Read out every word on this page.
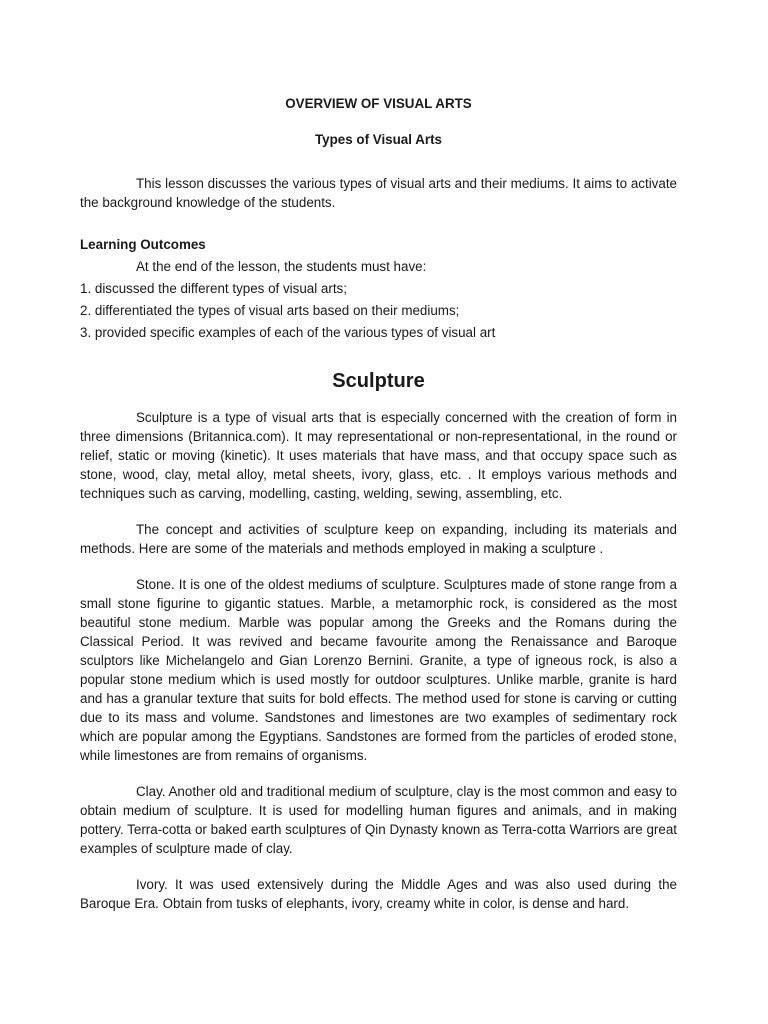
OVERVIEW OF VISUAL ARTS
Types of Visual Arts

This lesson discusses the various types of visual arts and their mediums. It aims to activate the background knowledge of the students.

Learning Outcomes

At the end of the lesson, the students must have:

1. discussed the different types of visual arts;
2. differentiated the types of visual arts based on their mediums;
3. provided specific examples of each of the various types of visual art
Sculpture

Sculpture is a type of visual arts that is especially concerned with the creation of form in three dimensions (Britannica.com). It may representational or non-representational, in the round or relief, static or moving (kinetic). It uses materials that have mass, and that occupy space such as stone, wood, clay, metal alloy, metal sheets, ivory, glass, etc. . It employs various methods and techniques such as carving, modelling, casting, welding, sewing, assembling, etc.

The concept and activities of sculpture keep on expanding, including its materials and methods. Here are some of the materials and methods employed in making a sculpture .

Stone. It is one of the oldest mediums of sculpture. Sculptures made of stone range from a small stone figurine to gigantic statues. Marble, a metamorphic rock, is considered as the most beautiful stone medium. Marble was popular among the Greeks and the Romans during the Classical Period. It was revived and became favourite among the Renaissance and Baroque sculptors like Michelangelo and Gian Lorenzo Bernini. Granite, a type of igneous rock, is also a popular stone medium which is used mostly for outdoor sculptures. Unlike marble, granite is hard and has a granular texture that suits for bold effects. The method used for stone is carving or cutting due to its mass and volume. Sandstones and limestones are two examples of sedimentary rock which are popular among the Egyptians. Sandstones are formed from the particles of eroded stone, while limestones are from remains of organisms.

Clay. Another old and traditional medium of sculpture, clay is the most common and easy to obtain medium of sculpture. It is used for modelling human figures and animals, and in making pottery. Terra-cotta or baked earth sculptures of Qin Dynasty known as Terra-cotta Warriors are great examples of sculpture made of clay.

Ivory. It was used extensively during the Middle Ages and was also used during the Baroque Era. Obtain from tusks of elephants, ivory, creamy white in color, is dense and hard.
